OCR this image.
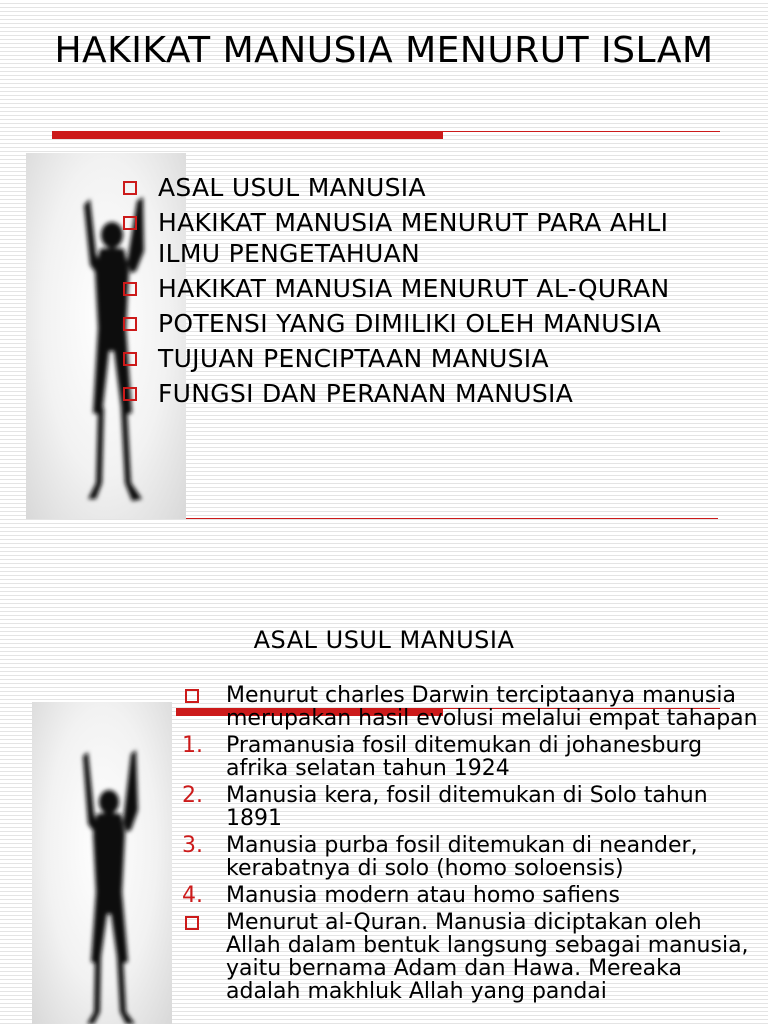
HAKIKAT MANUSIA MENURUT ISLAM
ASAL USUL MANUSIA
HAKIKAT MANUSIA MENURUT PARA AHLI ILMU PENGETAHUAN
HAKIKAT MANUSIA MENURUT AL-QURAN
POTENSI YANG DIMILIKI OLEH MANUSIA
TUJUAN PENCIPTAAN MANUSIA
FUNGSI DAN PERANAN MANUSIA
ASAL USUL MANUSIA
Menurut charles Darwin terciptaanya manusia merupakan hasil evolusi melalui empat tahapan
1. Pramanusia fosil ditemukan di johanesburg afrika selatan tahun 1924
2. Manusia kera, fosil ditemukan di Solo tahun 1891
3. Manusia purba fosil ditemukan di neander, kerabatnya di solo (homo soloensis)
4. Manusia modern atau homo safiens
Menurut al-Quran. Manusia diciptakan oleh Allah dalam bentuk langsung sebagai manusia, yaitu bernama Adam dan Hawa. Mereaka adalah makhluk Allah yang pandai
